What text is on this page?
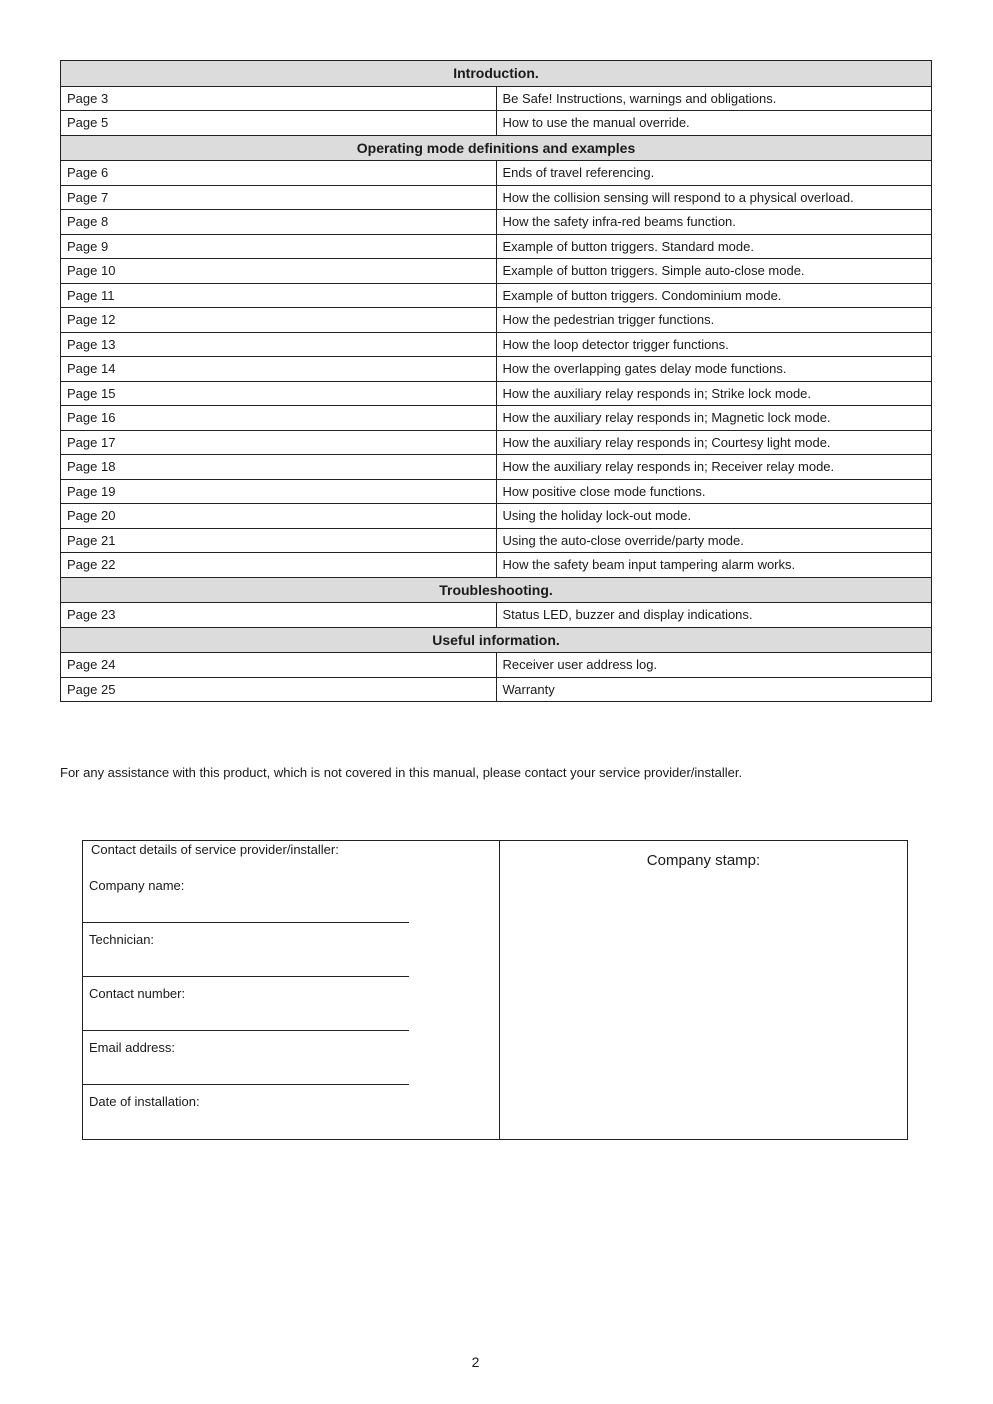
Introduction.	
Page 3	Be Safe! Instructions, warnings and obligations.
Page 5	How to use the manual override.
Operating mode definitions and examples	
Page 6	Ends of travel referencing.
Page 7	How the collision sensing will respond to a physical overload.
Page 8	How the safety infra-red beams function.
Page 9	Example of button triggers. Standard mode.
Page 10	Example of button triggers. Simple auto-close mode.
Page 11	Example of button triggers. Condominium mode.
Page 12	How the pedestrian trigger functions.
Page 13	How the loop detector trigger functions.
Page 14	How the overlapping gates delay mode functions.
Page 15	How the auxiliary relay responds in; Strike lock mode.
Page 16	How the auxiliary relay responds in; Magnetic lock mode.
Page 17	How the auxiliary relay responds in; Courtesy light mode.
Page 18	How the auxiliary relay responds in; Receiver relay mode.
Page 19	How positive close mode functions.
Page 20	Using the holiday lock-out mode.
Page 21	Using the auto-close override/party mode.
Page 22	How the safety beam input tampering alarm works.
Troubleshooting.	
Page 23	Status LED, buzzer and display indications.
Useful information.	
Page 24	Receiver user address log.
Page 25	Warranty
For any assistance with this product, which is not covered in this manual, please contact your service provider/installer.
Contact details of service provider/installer:
Company name:
Technician:
Contact number:
Email address:
Date of installation:
Company stamp:
2
